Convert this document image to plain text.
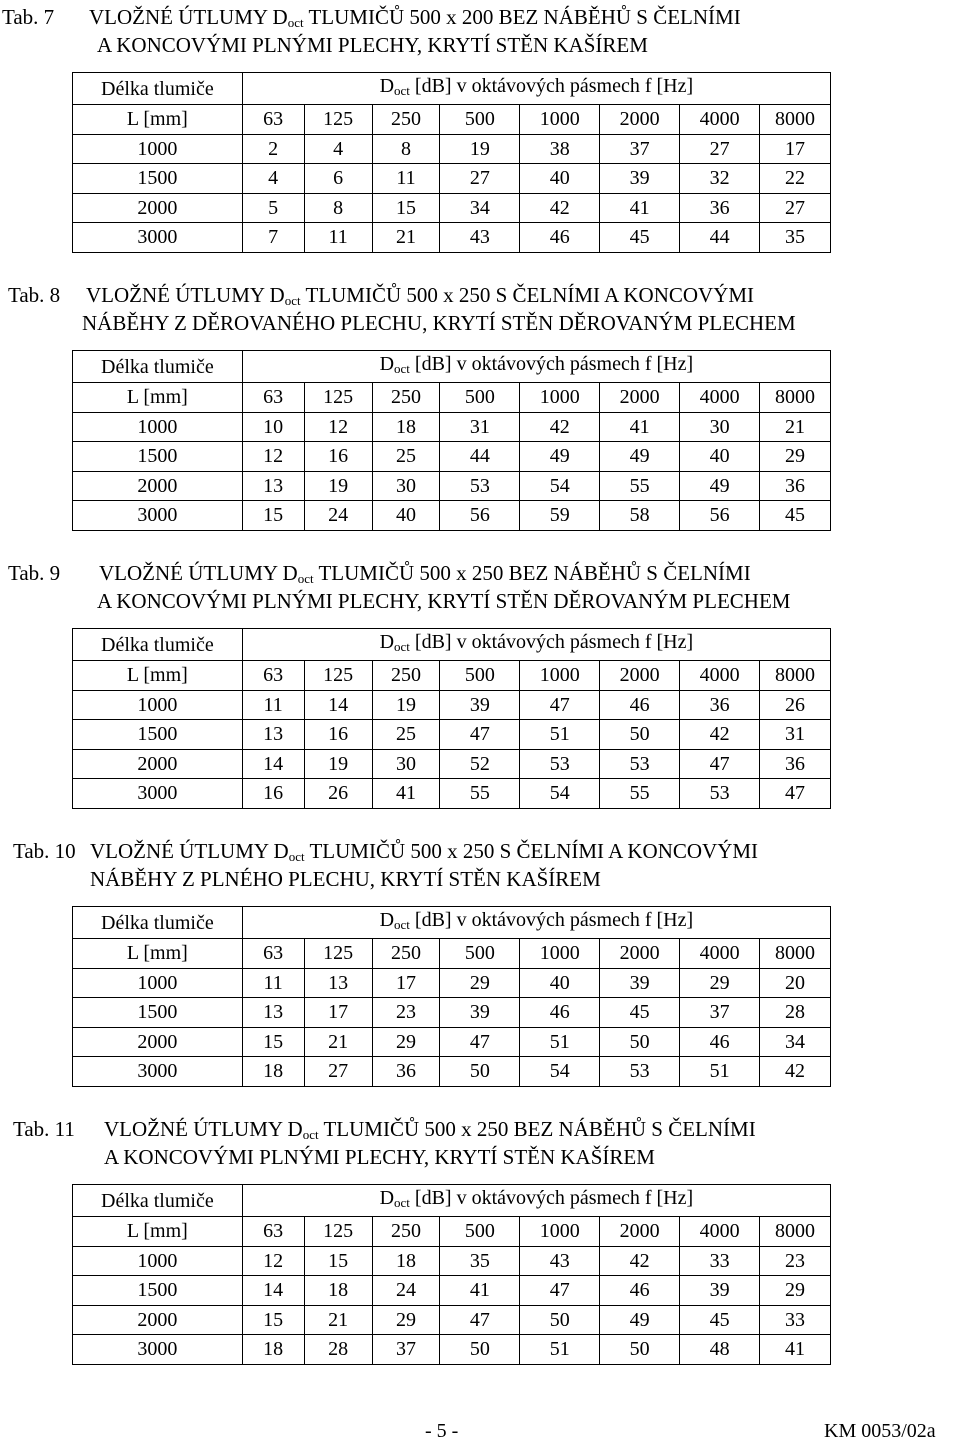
Tab. 7 VLOŽNÉ ÚTLUMY $D_{oct}$ TLUMIČŮ 500 x 200 BEZ NÁBĚHŮ S ČELNÍMI
A KONCOVÝMI PLNÝMI PLECHY, KRYTÍ STĚN KAŠÍREM
Délka tlumiče	$D_{oct}$ [dB] v oktávových pásmech f [Hz]							
L [mm]	63	125	250	500	1000	2000	4000	8000
1000	2	4	8	19	38	37	27	17
1500	4	6	11	27	40	39	32	22
2000	5	8	15	34	42	41	36	27
3000	7	11	21	43	46	45	44	35
Tab. 8 VLOŽNÉ ÚTLUMY $D_{oct}$ TLUMIČŮ 500 x 250 S ČELNÍMI A KONCOVÝMI
NÁBĚHY Z DĚROVANÉHO PLECHU, KRYTÍ STĚN DĚROVANÝM PLECHEM
Délka tlumiče	$D_{oct}$ [dB] v oktávových pásmech f [Hz]							
L [mm]	63	125	250	500	1000	2000	4000	8000
1000	10	12	18	31	42	41	30	21
1500	12	16	25	44	49	49	40	29
2000	13	19	30	53	54	55	49	36
3000	15	24	40	56	59	58	56	45
Tab. 9 VLOŽNÉ ÚTLUMY $D_{oct}$ TLUMIČŮ 500 x 250 BEZ NÁBĚHŮ S ČELNÍMI
A KONCOVÝMI PLNÝMI PLECHY, KRYTÍ STĚN DĚROVANÝM PLECHEM
Délka tlumiče	$D_{oct}$ [dB] v oktávových pásmech f [Hz]							
L [mm]	63	125	250	500	1000	2000	4000	8000
1000	11	14	19	39	47	46	36	26
1500	13	16	25	47	51	50	42	31
2000	14	19	30	52	53	53	47	36
3000	16	26	41	55	54	55	53	47
Tab. 10 VLOŽNÉ ÚTLUMY $D_{oct}$ TLUMIČŮ 500 x 250 S ČELNÍMI A KONCOVÝMI
NÁBĚHY Z PLNÉHO PLECHU, KRYTÍ STĚN KAŠÍREM
Délka tlumiče	$D_{oct}$ [dB] v oktávových pásmech f [Hz]							
L [mm]	63	125	250	500	1000	2000	4000	8000
1000	11	13	17	29	40	39	29	20
1500	13	17	23	39	46	45	37	28
2000	15	21	29	47	51	50	46	34
3000	18	27	36	50	54	53	51	42
Tab. 11 VLOŽNÉ ÚTLUMY $D_{oct}$ TLUMIČŮ 500 x 250 BEZ NÁBĚHŮ S ČELNÍMI
A KONCOVÝMI PLNÝMI PLECHY, KRYTÍ STĚN KAŠÍREM
Délka tlumiče	$D_{oct}$ [dB] v oktávových pásmech f [Hz]							
L [mm]	63	125	250	500	1000	2000	4000	8000
1000	12	15	18	35	43	42	33	23
1500	14	18	24	41	47	46	39	29
2000	15	21	29	47	50	49	45	33
3000	18	28	37	50	51	50	48	41
- 5 -	KM 0053/02a
